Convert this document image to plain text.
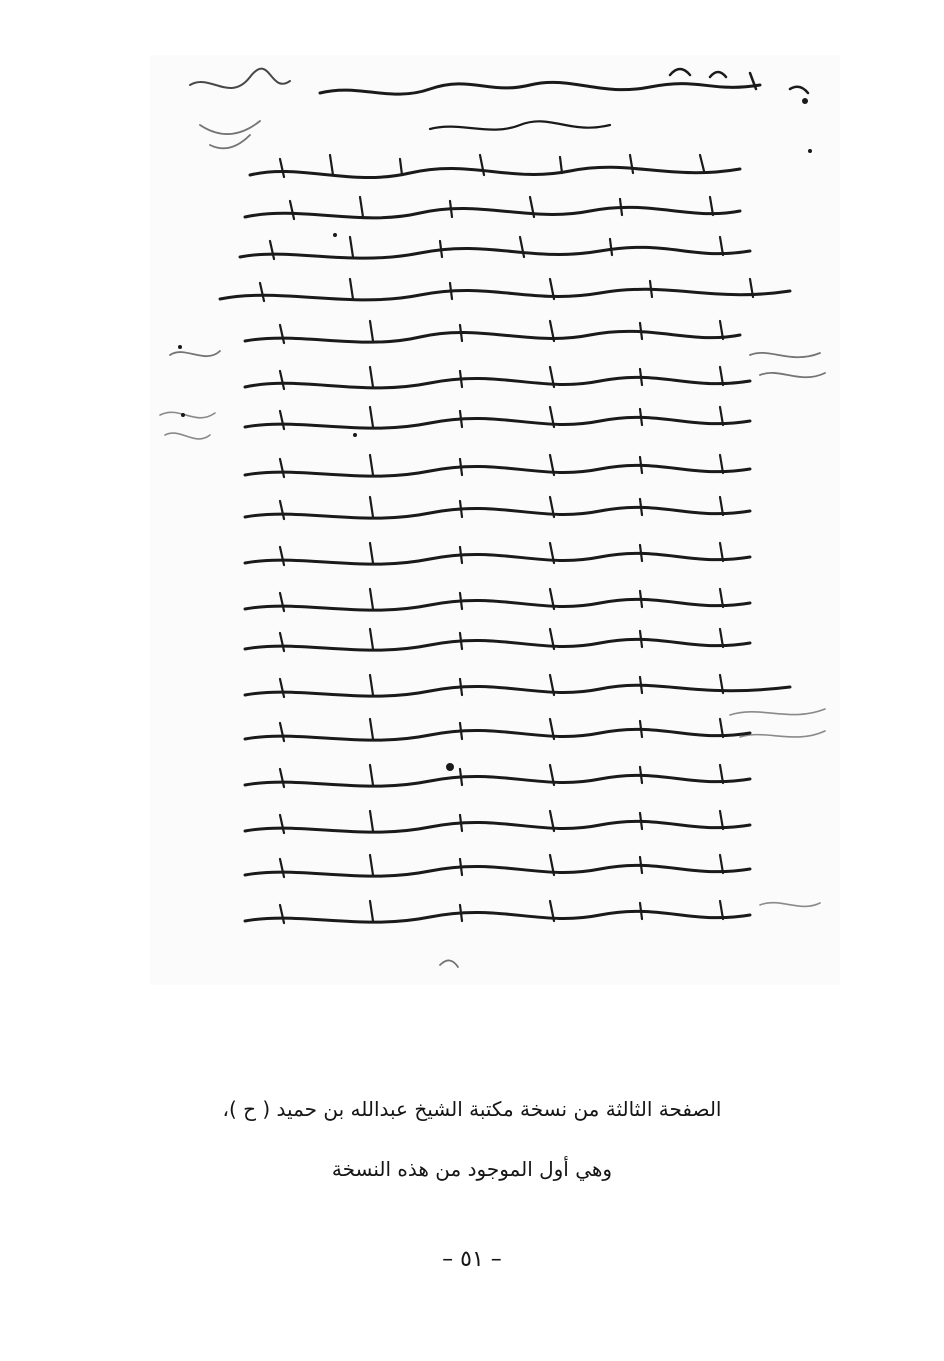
الصفحة الثالثة من نسخة مكتبة الشيخ عبدالله بن حميد ( ح )،
وهي أول الموجود من هذه النسخة
– ٥١ –
